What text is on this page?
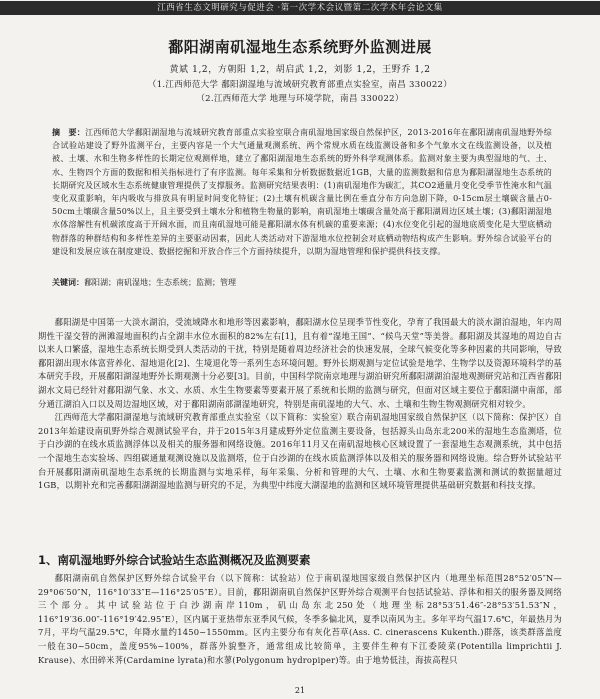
江西省生态文明研究与促进会 ·第一次学术会议暨第二次学术年会论文集
鄱阳湖南矶湿地生态系统野外监测进展
黄斌 1,2，方朝阳 1,2，胡启武 1,2，刘影 1,2，王野乔 1,2
（1.江西师范大学 鄱阳湖湿地与流域研究教育部重点实验室，南昌 330022）
（2.江西师范大学 地理与环境学院，南昌 330022）
摘　要：江西师范大学鄱阳湖湿地与流域研究教育部重点实验室联合南矶湿地国家级自然保护区，2013-2016年在鄱阳湖南矶湿地野外综合试验站建设了野外监测平台，主要内容是一个大气通量观测系统、两个常规水质在线监测设备和多个气象水文在线监测设备，以及植被、土壤、水和生物多样性的长期定位观测样地，建立了鄱阳湖湿地生态系统的野外科学观测体系。监测对象主要为典型湿地的气、土、水、生物四个方面的数据和相关指标进行了有序监测。每年采集和分析数据数据近1GB，大量的监测数据和信息为鄱阳湖湿地生态系统的长期研究及区域水生态系统健康管理提供了支撑服务。监测研究结果表明：(1)南矶湿地作为碳汇，其CO2通量月变化受季节性淹水和气温变化双重影响，年内吸收与排放具有明显时间变化特征；(2)土壤有机碳含量比例在垂直分布方向急剧下降，0-15cm层土壤碳含量占0-50cm土壤碳含量50%以上，且主要受到土壤水分和植物生物量的影响，南矶湿地土壤碳含量处高于鄱阳湖周边区域土壤；(3)鄱阳湖湿地水体溶解性有机碳浓度高于开阔水面，而且南矶湿地可能是鄱阳湖水体有机碳的重要来源；(4)水位变化引起的湿地底质变化是大型底栖动物群落的种群结构和多样性差异的主要驱动因素，因此人类活动对下游湿地水位控制会对底栖动物结构成产生影响。野外综合试验平台的建设和发展应该在制度建设、数据挖掘和开放合作三个方面持续提升，以期为湿地管理和保护提供科技支撑。
关键词：鄱阳湖；南矶湿地；生态系统；监测；管理

鄱阳湖是中国第一大淡水湖泊，受流域降水和地形等因素影响，鄱阳湖水位呈现季节性变化，孕育了我国最大的淡水湖泊湿地，年内周期性干湿交替的洲滩湿地面积约占全湖丰水位水面积的82%左右[1]，且有着“湿地王国”、“候鸟天堂”等美誉。鄱阳湖及其湿地的周边自古以来人口繁盛，湿地生态系统长期受到人类活动的干扰，特别是随着周边经济社会的快速发展，全球气候变化等多种因素的共同影响，导致鄱阳湖出现水体富营养化、湿地退化[2]、生境退化等一系列生态环境问题。野外长期观测与定位试验是地学、生物学以及资源环境科学的基本研究手段，开展鄱阳湖湿地野外长期观测十分必要[3]。目前，中国科学院南京地理与湖泊研究所鄱阳湖湖泊湿地观测研究站和江西省鄱阳湖水文局已经针对鄱阳湖气象、水文、水质、水生生物要素等要素开展了系统和长期的监测与研究，但面对区域主要位于鄱阳湖中南部，部分通江湖泊入口以及周边湿地区域，对于鄱阳湖南部湖湿地研究，特别是南矶湿地的大气、水、土壤和生物生物观测研究相对较少。

江西师范大学鄱阳湖湿地与流域研究教育部重点实验室（以下简称：实验室）联合南矶湿地国家级自然保护区（以下简称：保护区）自2013年始建设南矶野外综合观测试验平台，并于2015年3月建成野外定位监测主要设备，包括源头山岛东北200米的湿地生态监测塔，位于白沙湖的在线水质监测浮体以及相关的服务器和网络设施。2016年11月又在南矶湿地核心区域设置了一套湿地生态观测系统，其中包括一个湿地生态实验场、四组碳通量观测设施以及监测塔，位于白沙湖的在线水质监测浮体以及相关的服务器和网络设施。综合野外试验站平台开展鄱阳湖南矶湿地生态系统的长期监测与实地采样，每年采集、分析和管理的大气、土壤、水和生物要素监测和测试的数据量超过1GB，以期补充和完善鄱阳湖湖湿地监测与研究的不足，为典型中纬度大湖湿地的监测和区域环境管理提供基础研究数据和科技支撑。

1、南矶湿地野外综合试验站生态监测概况及监测要素
鄱阳湖南矶自然保护区野外综合试验平台（以下简称：试验站）位于南矶湿地国家级自然保护区内（地理坐标范围28°52′05″N—29°06′50″N，116°10′33″E—116°25′05″E）。目前，鄱阳湖南矶自然保护区野外综合观测平台包括试验站、浮体和相关的服务器及网络三个部分。其中试验站位于白沙湖南岸110m，矶山岛东北250处（地理坐标28°53′51.46″-28°53′51.53″N，116°19′36.00″-116°19′42.95″E），区内属于亚热带东亚季风气候，冬季多偏北风，夏季以南风为主。多年平均气温17.6℃，年最热月为7月，平均气温29.5℃，年降水量约1450~1550mm。区内主要分布有灰化苔草(Ass. C. cinerascens Kukenth.)群落，该类群落盖度一般在30~50cm，盖度95%~100%，群落外貌整齐，通常组成比较简单，主要伴生种有下江委陵菜(Potentilla limprichtii J. Krause)、水田碎米荠(Cardamine lyrata)和水蓼(Polygonum hydropiper)等。由于地势低洼，海拔高程只
21
